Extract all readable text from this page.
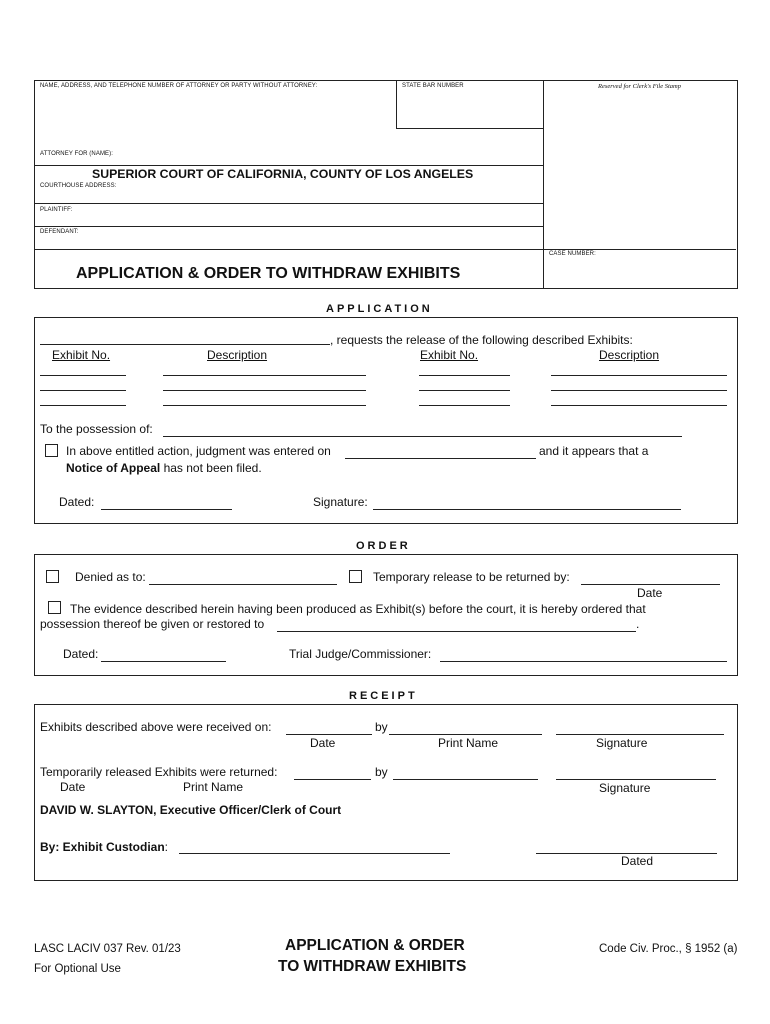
NAME, ADDRESS, AND TELEPHONE NUMBER OF ATTORNEY OR PARTY WITHOUT ATTORNEY:	STATE BAR NUMBER	Reserved for Clerk's File Stamp
ATTORNEY FOR (NAME):
SUPERIOR COURT OF CALIFORNIA, COUNTY OF LOS ANGELES
COURTHOUSE ADDRESS:
PLAINTIFF:
DEFENDANT:
CASE NUMBER:
APPLICATION & ORDER TO WITHDRAW EXHIBITS
APPLICATION
, requests the release of the following described Exhibits:
Exhibit No.	Description	Exhibit No.	Description
To the possession of:
In above entitled action, judgment was entered on	and it appears that a
Notice of Appeal has not been filed.
Dated:	Signature:
ORDER
Denied as to:	Temporary release to be returned by:
Date
The evidence described herein having been produced as Exhibit(s) before the court, it is hereby ordered that
possession thereof be given or restored to	.
Dated:	Trial Judge/Commissioner:
RECEIPT
Exhibits described above were received on:	by
Date	Print Name	Signature
Temporarily released Exhibits were returned:	by
Date	Print Name	Signature
DAVID W. SLAYTON, Executive Officer/Clerk of Court
By: Exhibit Custodian:
Dated
LASC LACIV 037 Rev. 01/23
For Optional Use
APPLICATION & ORDER
TO WITHDRAW EXHIBITS
Code Civ. Proc., § 1952 (a)
